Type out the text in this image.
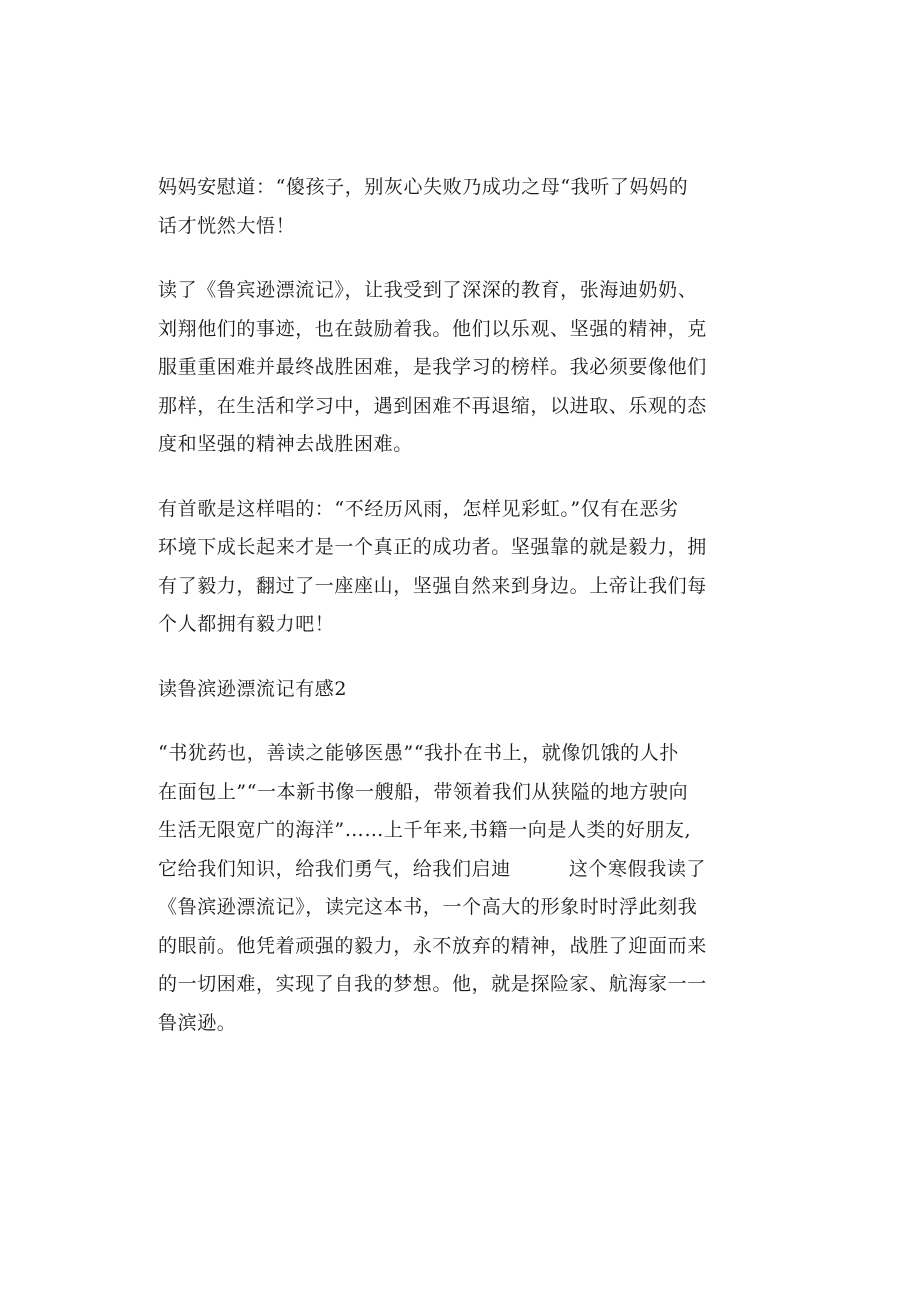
妈妈安慰道：“傻孩子，别灰心失败乃成功之母“我听了妈妈的
话才恍然大悟！

读了《鲁宾逊漂流记》，让我受到了深深的教育，张海迪奶奶、
刘翔他们的事迹，也在鼓励着我。他们以乐观、坚强的精神，克
服重重困难并最终战胜困难，是我学习的榜样。我必须要像他们
那样，在生活和学习中，遇到困难不再退缩，以进取、乐观的态
度和坚强的精神去战胜困难。

有首歌是这样唱的：“不经历风雨，怎样见彩虹。”仅有在恶劣
环境下成长起来才是一个真正的成功者。坚强靠的就是毅力，拥
有了毅力，翻过了一座座山，坚强自然来到身边。上帝让我们每
个人都拥有毅力吧！

读鲁滨逊漂流记有感2

“书犹药也，善读之能够医愚”“我扑在书上，就像饥饿的人扑
在面包上”“一本新书像一艘船，带领着我们从狭隘的地方驶向
生活无限宽广的海洋”……上千年来,书籍一向是人类的好朋友,
它给我们知识，给我们勇气，给我们启迪	这个寒假我读了
《鲁滨逊漂流记》，读完这本书，一个高大的形象时时浮此刻我
的眼前。他凭着顽强的毅力，永不放弃的精神，战胜了迎面而来
的一切困难，实现了自我的梦想。他，就是探险家、航海家一一
鲁滨逊。
